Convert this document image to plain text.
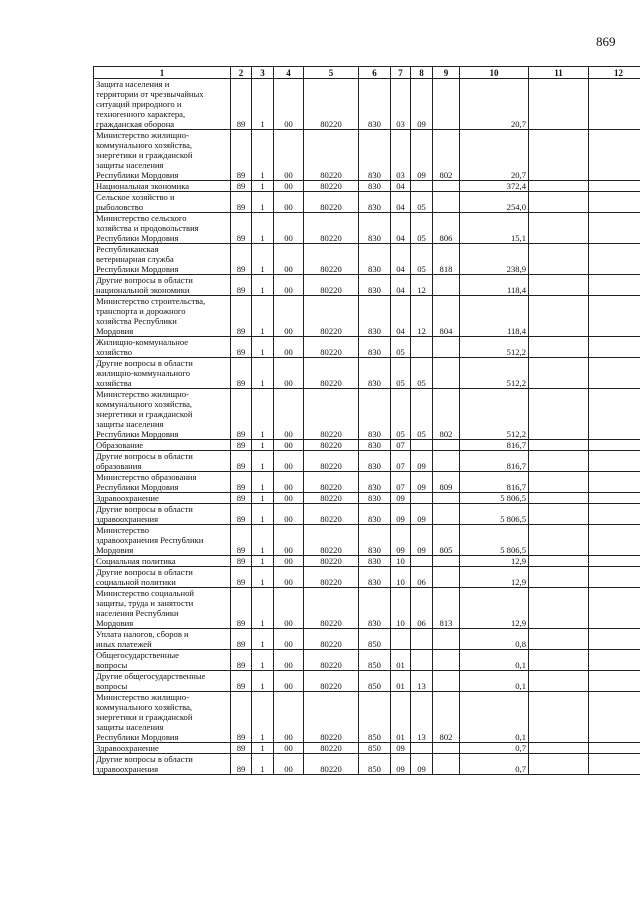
869
1	2	3	4	5	6	7	8	9	10	11	12

Защита населения и
территории от чрезвычайных
ситуаций природного и
техногенного характера,
гражданская оборона	89	1	00	80220	830	03	09		20,7		

Министерство жилищно-
коммунального хозяйства,
энергетики и гражданской
защиты населения
Республики Мордовия	89	1	00	80220	830	03	09	802	20,7		

Национальная экономика	89	1	00	80220	830	04			372,4		

Сельское хозяйство и
рыболовство	89	1	00	80220	830	04	05		254,0		

Министерство сельского
хозяйства и продовольствия
Республики Мордовия	89	1	00	80220	830	04	05	806	15,1		

Республиканская
ветеринарная служба
Республики Мордовия	89	1	00	80220	830	04	05	818	238,9		

Другие вопросы в области
национальной экономики	89	1	00	80220	830	04	12		118,4		

Министерство строительства,
транспорта и дорожного
хозяйства Республики
Мордовия	89	1	00	80220	830	04	12	804	118,4		

Жилищно-коммунальное
хозяйство	89	1	00	80220	830	05			512,2		

Другие вопросы в области
жилищно-коммунального
хозяйства	89	1	00	80220	830	05	05		512,2		

Министерство жилищно-
коммунального хозяйства,
энергетики и гражданской
защиты населения
Республики Мордовия	89	1	00	80220	830	05	05	802	512,2		

Образование	89	1	00	80220	830	07			816,7		

Другие вопросы в области
образования	89	1	00	80220	830	07	09		816,7		

Министерство образования
Республики Мордовия	89	1	00	80220	830	07	09	809	816,7		

Здравоохранение	89	1	00	80220	830	09			5 806,5		

Другие вопросы в области
здравоохранения	89	1	00	80220	830	09	09		5 806,5		

Министерство
здравоохранения Республики
Мордовия	89	1	00	80220	830	09	09	805	5 806,5		

Социальная политика	89	1	00	80220	830	10			12,9		

Другие вопросы в области
социальной политики	89	1	00	80220	830	10	06		12,9		

Министерство социальной
защиты, труда и занятости
населения Республики
Мордовия	89	1	00	80220	830	10	06	813	12,9		

Уплата налогов, сборов и
иных платежей	89	1	00	80220	850				0,8		

Общегосударственные
вопросы	89	1	00	80220	850	01			0,1		

Другие общегосударственные
вопросы	89	1	00	80220	850	01	13		0,1		

Министерство жилищно-
коммунального хозяйства,
энергетики и гражданской
защиты населения
Республики Мордовия	89	1	00	80220	850	01	13	802	0,1		

Здравоохранение	89	1	00	80220	850	09			0,7		

Другие вопросы в области
здравоохранения	89	1	00	80220	850	09	09		0,7		
